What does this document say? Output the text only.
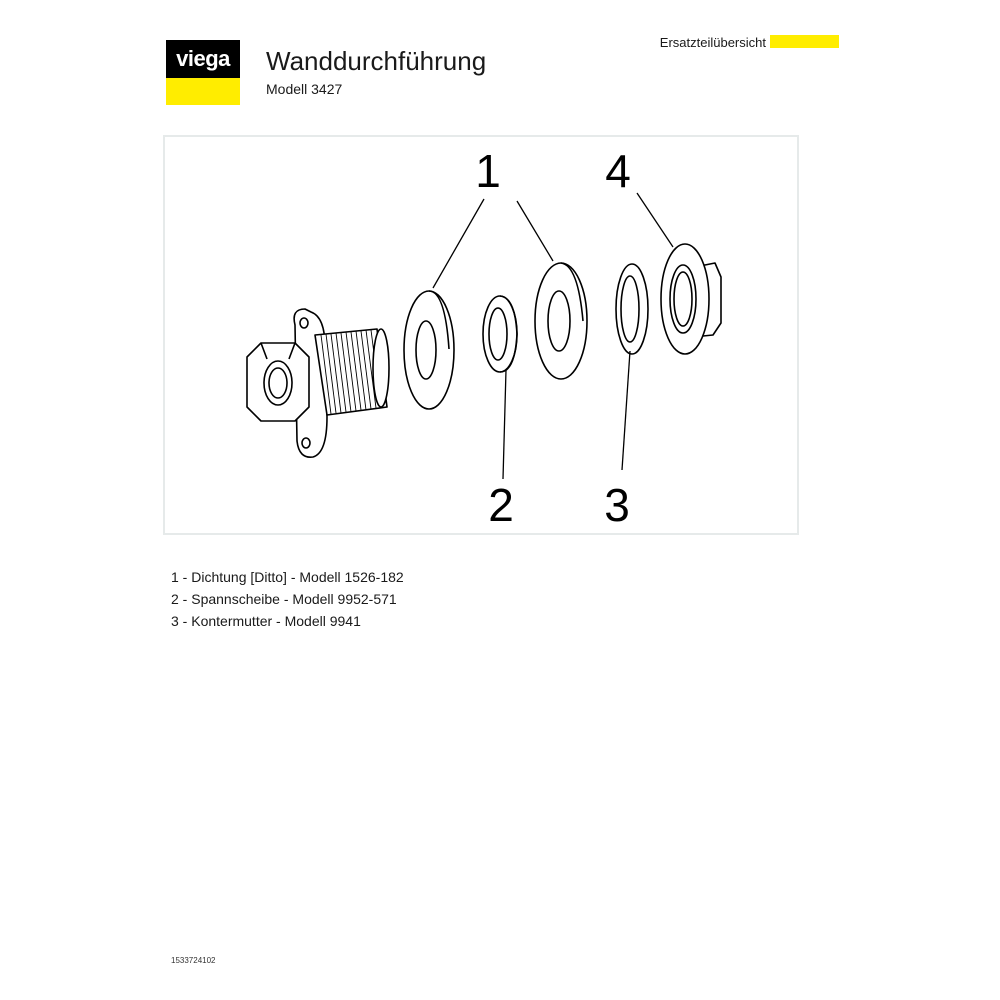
viega	Wanddurchführung
Modell 3427
Ersatzteilübersicht
1 4
2 3
1 - Dichtung [Ditto] - Modell 1526-182
2 - Spannscheibe - Modell 9952-571
3 - Kontermutter - Modell 9941
1533724102
